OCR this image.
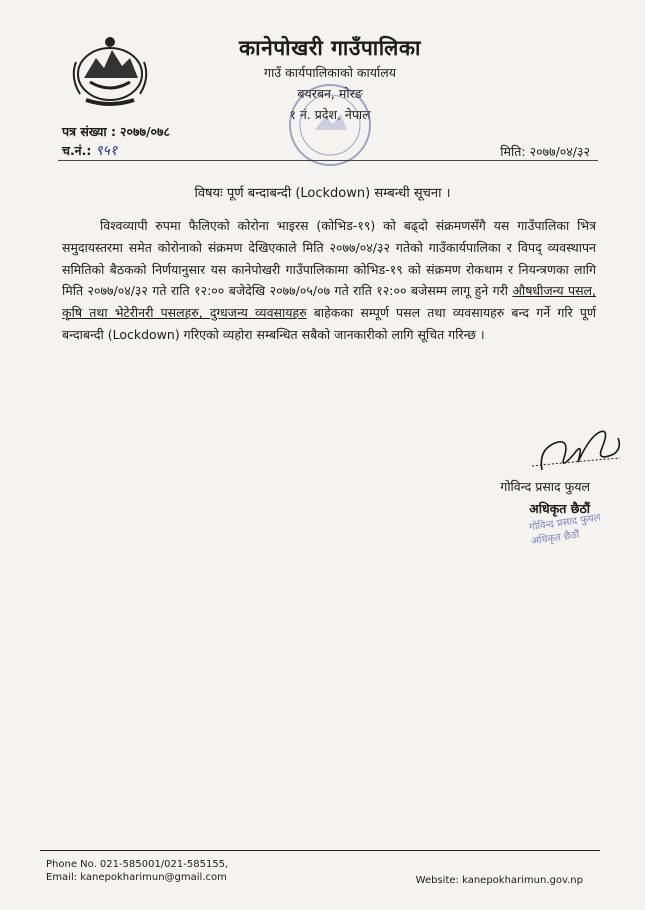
कानेपोखरी गाउँपालिका
गाउँ कार्यपालिकाको कार्यालय
बयरबन, मोरङ
१ नं. प्रदेश, नेपाल
पत्र संख्या : २०७७/०७८
च.नं.: ९५१	मिति: २०७७/०४/३२
विषयः पूर्ण बन्दाबन्दी (Lockdown) सम्बन्धी सूचना ।
विश्वव्यापी रुपमा फैलिएको कोरोना भाइरस (कोभिड-१९) को बढ्दो संक्रमणसँगै यस गाउँपालिका भित्र समुदायस्तरमा समेत कोरोनाको संक्रमण देखिएकाले मिति २०७७/०४/३२ गतेको गाउँकार्यपालिका र विपद् व्यवस्थापन समितिको बैठकको निर्णयानुसार यस कानेपोखरी गाउँपालिकामा कोभिड-१९ को संक्रमण रोकथाम र नियन्त्रणका लागि मिति २०७७/०४/३२ गते राति १२:०० बजेदेखि २०७७/०५/०७ गते राति १२:०० बजेसम्म लागू हुने गरी औषधीजन्य पसल, कृषि तथा भेटेरीनरी पसलहरु, दुग्धजन्य व्यवसायहरु बाहेकका सम्पूर्ण पसल तथा व्यवसायहरु बन्द गर्ने गरि पूर्ण बन्दाबन्दी (Lockdown) गरिएको व्यहोरा सम्बन्धित सबैको जानकारीको लागि सूचित गरिन्छ ।
गोविन्द प्रसाद फुयल
अधिकृत छैठौं
गोविन्द प्रसाद फुयल
अधिकृत छैठौं
Phone No. 021-585001/021-585155,
Email: kanepokharimun@gmail.com	Website: kanepokharimun.gov.np
